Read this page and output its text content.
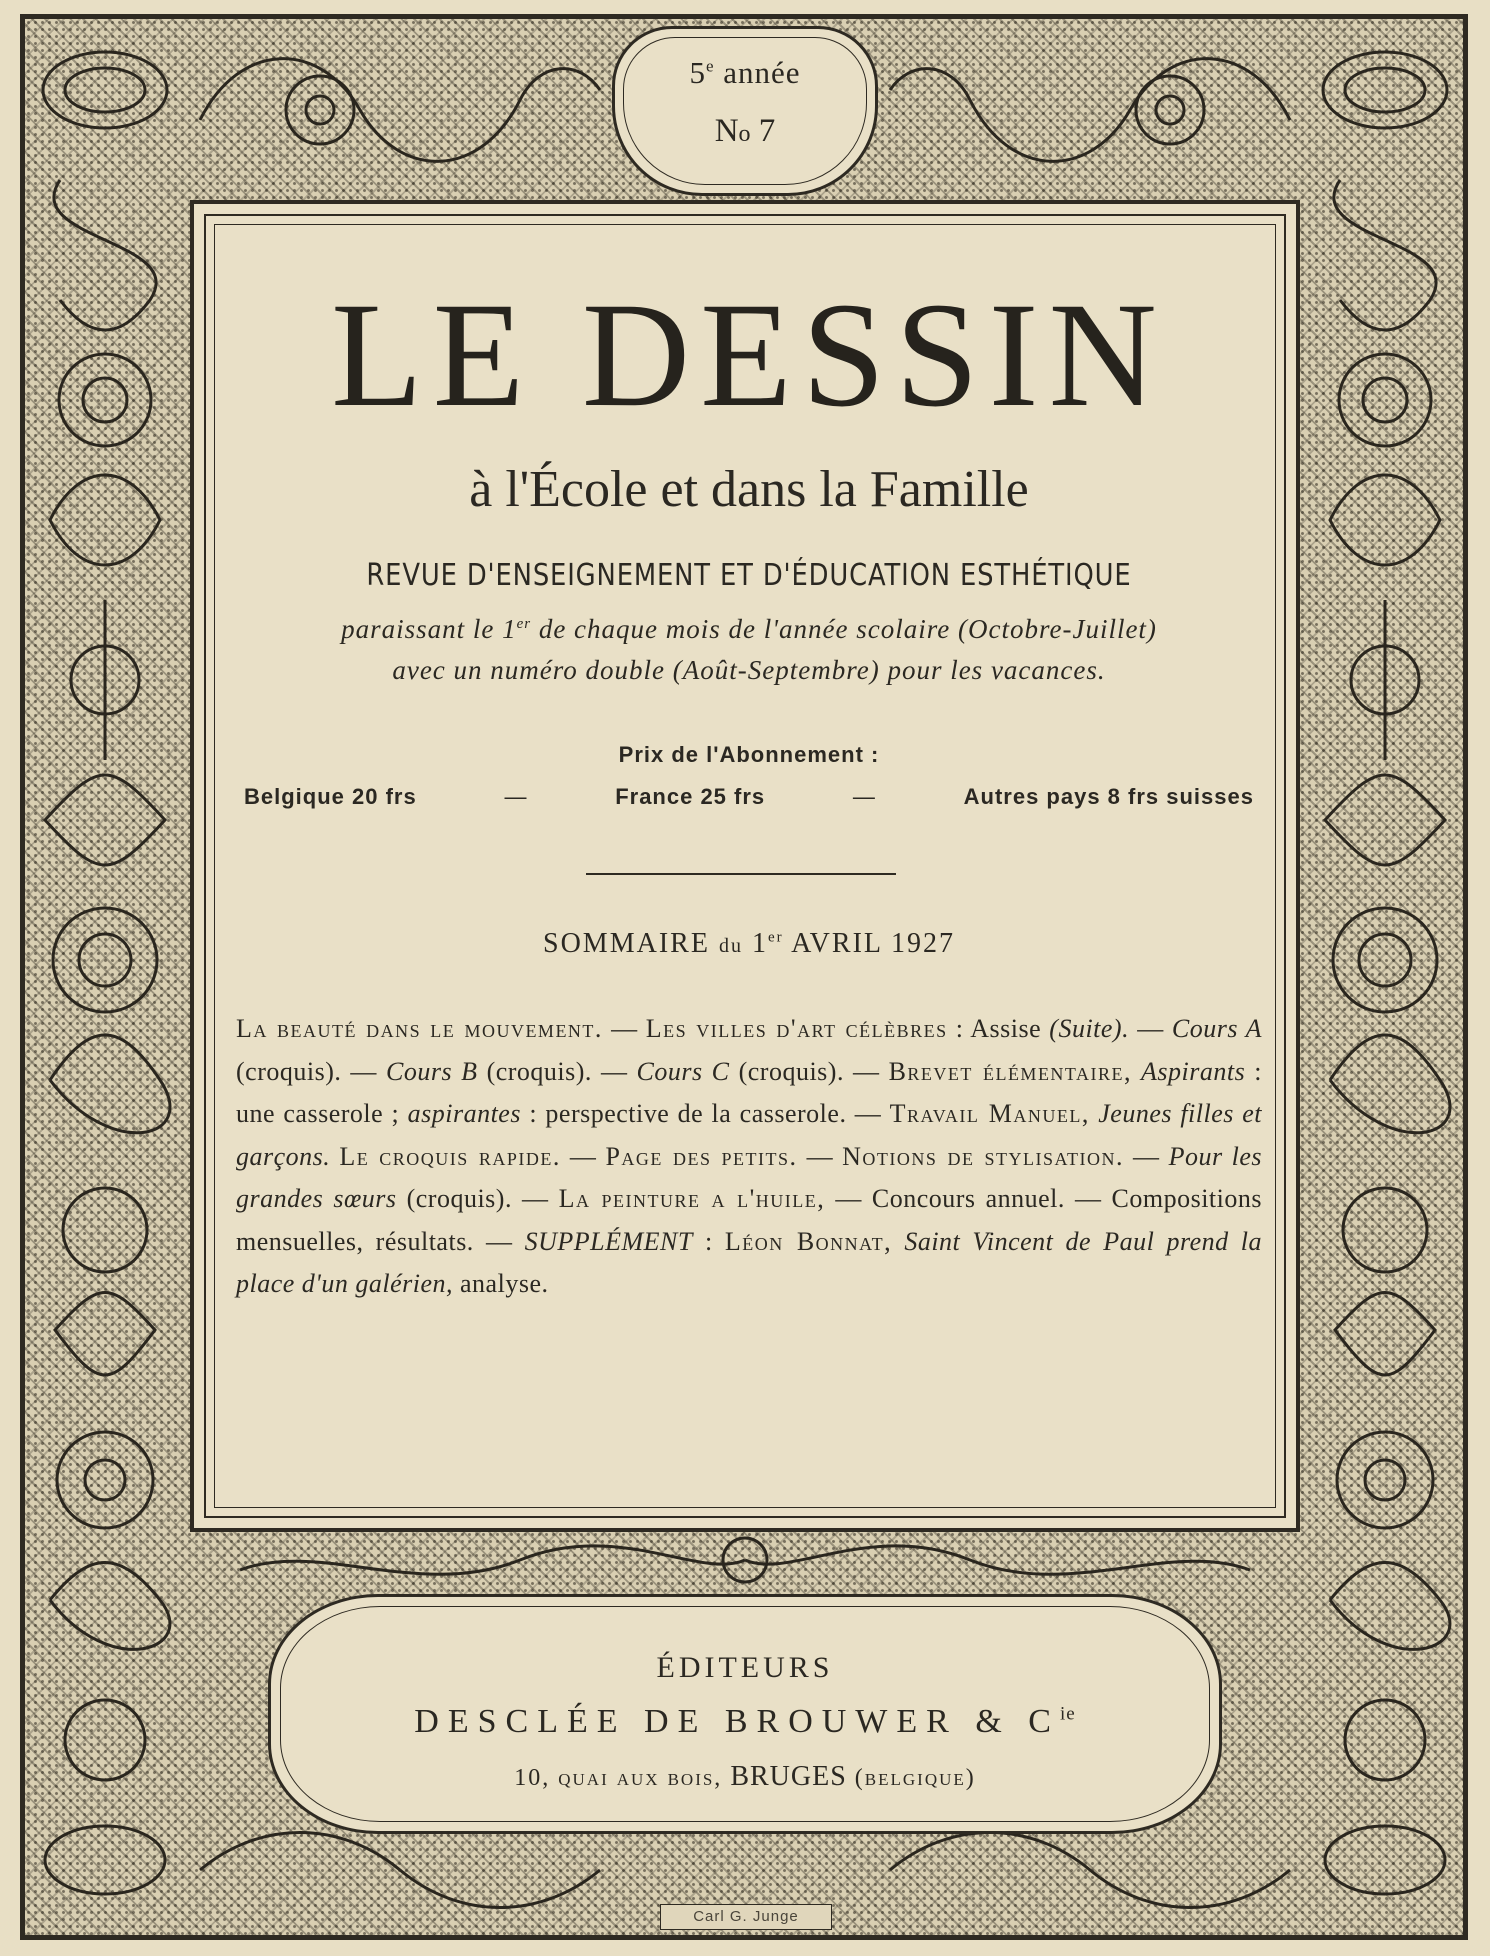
5e année
No 7
LE DESSIN
à l'École et dans la Famille
REVUE D'ENSEIGNEMENT ET D'ÉDUCATION ESTHÉTIQUE
paraissant le 1er de chaque mois de l'année scolaire (Octobre-Juillet)
avec un numéro double (Août-Septembre) pour les vacances.
Prix de l'Abonnement :
Belgique 20 frs	—	France 25 frs	—	Autres pays 8 frs suisses
SOMMAIRE du 1er AVRIL 1927

La beauté dans le mouvement. — Les villes d'art célèbres : Assise (Suite). — Cours A (croquis). — Cours B (croquis). — Cours C (croquis). — Brevet élémentaire, Aspirants : une casserole ; aspirantes : perspective de la casserole. — Travail Manuel, Jeunes filles et garçons. Le croquis rapide. — Page des petits. — Notions de stylisation. — Pour les grandes sœurs (croquis). — La peinture a l'huile, — Concours annuel. — Compositions mensuelles, résultats. — SUPPLÉMENT : Léon Bonnat, Saint Vincent de Paul prend la place d'un galérien, analyse.

ÉDITEURS
DESCLÉE DE BROUWER & $C^{ie}$
10, quai aux bois, BRUGES (belgique)
Carl G. Junge
